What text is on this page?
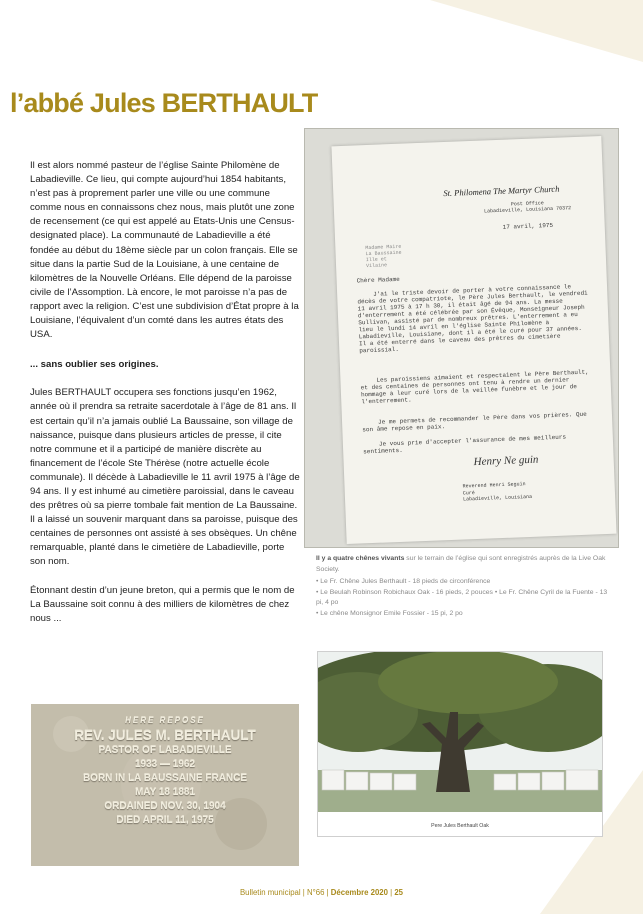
l’abbé Jules BERTHAULT

Il est alors nommé pasteur de l’église Sainte Philomène de Labadieville. Ce lieu, qui compte aujourd’hui 1854 habitants, n’est pas à proprement parler une ville ou une commune comme nous en connaissons chez nous, mais plutôt une zone de recensement (ce qui est appelé au Etats-Unis une Census-designated place). La communauté de Labadieville a été fondée au début du 18ème siècle par un colon français. Elle se situe dans la partie Sud de la Louisiane, à une centaine de kilomètres de la Nouvelle Orléans. Elle dépend de la paroisse civile de l’Assomption. Là encore, le mot paroisse n’a pas de rapport avec la religion. C’est une subdivision d’État propre à la Louisiane, l’équivalent d’un comté dans les autres états des USA.

... sans oublier ses origines.

Jules BERTHAULT occupera ses fonctions jusqu’en 1962, année où il prendra sa retraite sacerdotale à l’âge de 81 ans. Il est certain qu’il n’a jamais oublié La Baussaine, son village de naissance, puisque dans plusieurs articles de presse, il cite notre commune et il a participé de manière discrète au financement de l’école Ste Thérèse (notre actuelle école communale). Il décède à Labadieville le 11 avril 1975 à l’âge de 94 ans. Il y est inhumé au cimetière paroissial, dans le caveau des prêtres où sa pierre tombale fait mention de La Baussaine. Il a laissé un souvenir marquant dans sa paroisse, puisque des centaines de personnes ont assisté à ses obsèques. Un chêne remarquable, planté dans le cimetière de Labadieville, porte son nom.

Étonnant destin d’un jeune breton, qui a permis que le nom de La Baussaine soit connu à des milliers de kilomètres de chez nous ...

St. Philomena The Martyr Church
Post Office
Labadieville, Louisiana 70372
17 avril, 1975
Madame Maire
La Baussaine
Ille et
Vilaine
Chère Madame
J'ai le triste devoir de porter à votre connaissance le décès de votre compatriote, le Père Jules Berthault, le vendredi 11 avril 1975 à 17 h 30, il était âgé de 94 ans. La messe d'enterrement a été célébrée par son Évêque, Monseigneur Joseph Sullivan, assisté par de nombreux prêtres. L'enterrement a eu lieu le lundi 14 avril en l'église Sainte Philomène à Labadieville, Louisiane, dont il a été le curé pour 37 années. Il a été enterré dans le caveau des prêtres du cimetière paroissial.
Les paroissiens aimaient et respectaient le Père Berthault, et des centaines de personnes ont tenu à rendre un dernier hommage à leur curé lors de la veillée funèbre et le jour de l'enterrement.
Je me permets de recommander le Père dans vos prières. Que son âme repose en paix.
Je vous prie d'accepter l'assurance de mes meilleurs sentiments.
Henry Ne guin
Reverend Henri Seguin
Curé
Labadieville, Louisiana
Il y a quatre chênes vivants sur le terrain de l’église qui sont enregistrés auprès de la Live Oak Society.
• Le Fr. Chêne Jules Berthault - 18 pieds de circonférence
• Le Beulah Robinson Robichaux Oak - 16 pieds, 2 pouces • Le Fr. Chêne Cyril de la Fuente - 13 pi, 4 po
• Le chêne Monsignor Emile Fossier - 15 pi, 2 po
Pere Jules Berthault Oak
HERE REPOSE
REV. JULES M. BERTHAULT
PASTOR OF LABADIEVILLE
1933 — 1962
BORN IN LA BAUSSAINE FRANCE
MAY 18 1881
ORDAINED NOV. 30, 1904
DIED APRIL 11, 1975
Bulletin municipal | N°66 | Décembre 2020 | 25
